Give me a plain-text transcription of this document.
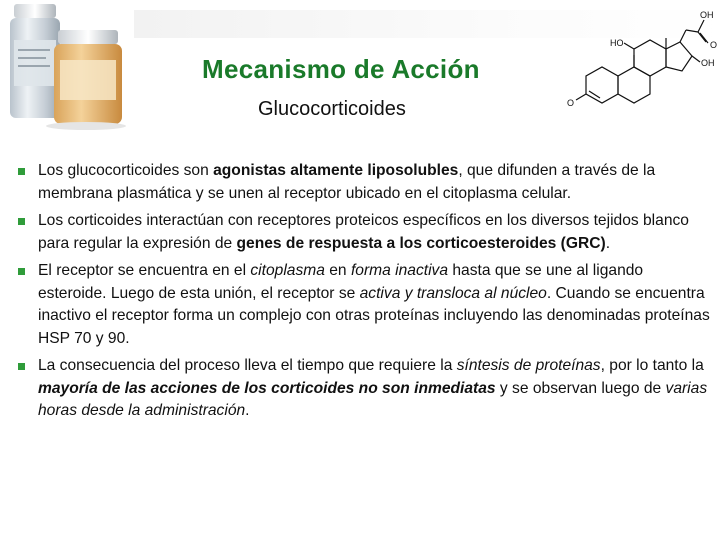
Mecanismo de Acción
Glucocorticoides
OH
O
HO
OH
O
Los glucocorticoides son agonistas altamente liposolubles, que difunden a través de la membrana plasmática y se unen al receptor ubicado en el citoplasma celular.
Los corticoides interactúan con receptores proteicos específicos en los diversos tejidos blanco para regular la expresión de genes de respuesta a los corticoesteroides (GRC).
El receptor se encuentra en el citoplasma en forma inactiva hasta que se une al ligando esteroide. Luego de esta unión, el receptor se activa y transloca al núcleo. Cuando se encuentra inactivo el receptor forma un complejo con otras proteínas incluyendo las denominadas proteínas HSP 70 y 90.
La consecuencia del proceso lleva el tiempo que requiere la síntesis de proteínas, por lo tanto la mayoría de las acciones de los corticoides no son inmediatas y se observan luego de varias horas desde la administración.
